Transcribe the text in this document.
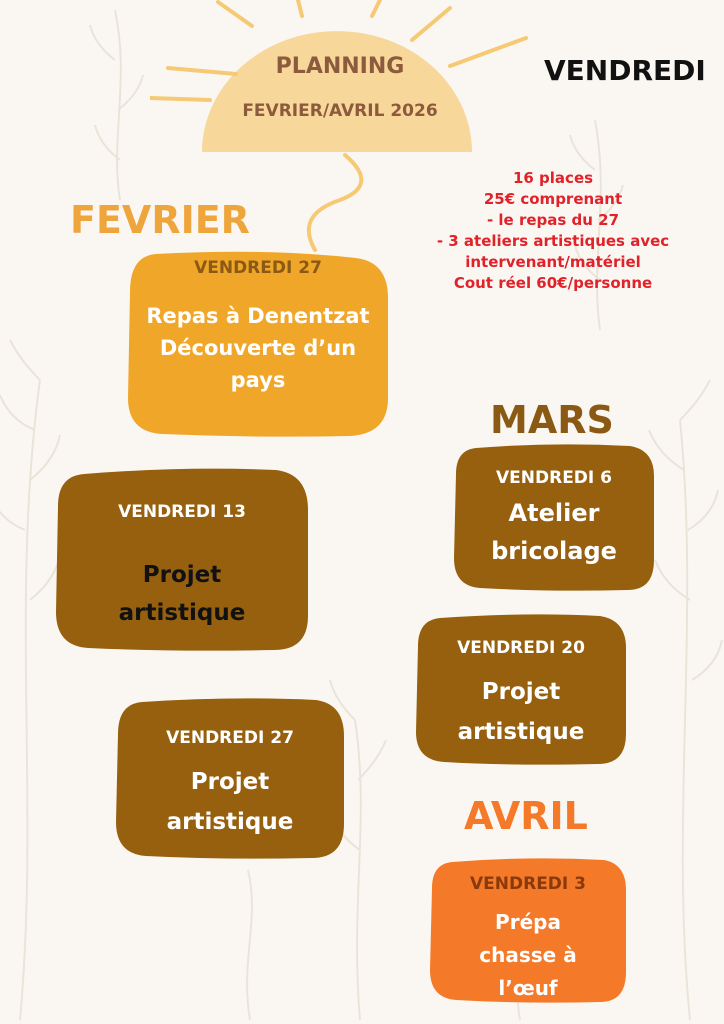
PLANNING
FEVRIER/AVRIL 2026
VENDREDI
16 places
25€ comprenant
- le repas du 27
- 3 ateliers artistiques avec
intervenant/matériel
Cout réel 60€/personne
FEVRIER
MARS
AVRIL
VENDREDI 27
Repas à Denentzat
Découverte d’un
pays
VENDREDI 13
Projet
artistique
VENDREDI 27
Projet
artistique
VENDREDI 6
Atelier
bricolage
VENDREDI 20
Projet
artistique
VENDREDI 3
Prépa
chasse à
l’œuf
